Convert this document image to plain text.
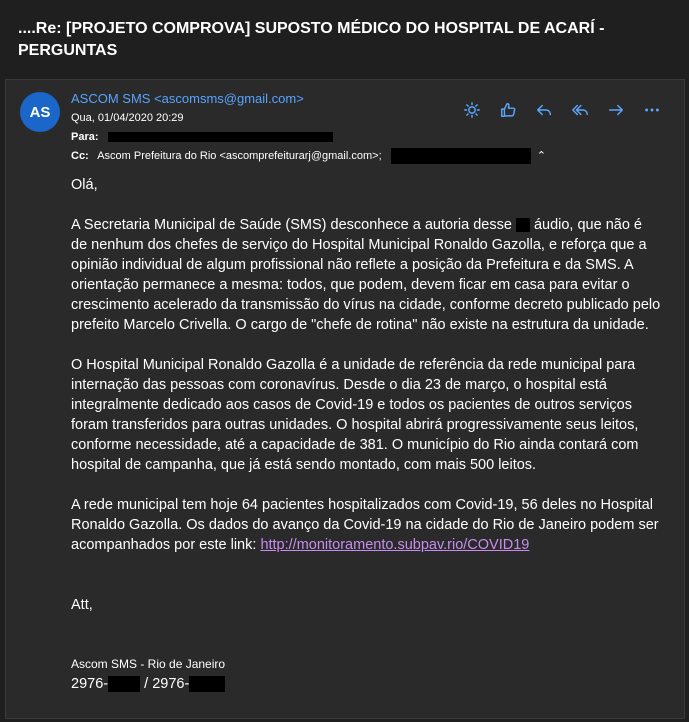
....Re: [PROJETO COMPROVA] SUPOSTO MÉDICO DO HOSPITAL DE ACARÍ - PERGUNTAS
AS
ASCOM SMS <ascomsms@gmail.com>
Qua, 01/04/2020 20:29
Para:
Cc: Ascom Prefeitura do Rio <ascomprefeiturarj@gmail.com>;	⌃

Olá,

A Secretaria Municipal de Saúde (SMS) desconhece a autoria desse áudio, que não é de nenhum dos chefes de serviço do Hospital Municipal Ronaldo Gazolla, e reforça que a opinião individual de algum profissional não reflete a posição da Prefeitura e da SMS. A orientação permanece a mesma: todos, que podem, devem ficar em casa para evitar o crescimento acelerado da transmissão do vírus na cidade, conforme decreto publicado pelo prefeito Marcelo Crivella. O cargo de "chefe de rotina" não existe na estrutura da unidade.

O Hospital Municipal Ronaldo Gazolla é a unidade de referência da rede municipal para internação das pessoas com coronavírus. Desde o dia 23 de março, o hospital está integralmente dedicado aos casos de Covid-19 e todos os pacientes de outros serviços foram transferidos para outras unidades. O hospital abrirá progressivamente seus leitos, conforme necessidade, até a capacidade de 381. O município do Rio ainda contará com hospital de campanha, que já está sendo montado, com mais 500 leitos.

A rede municipal tem hoje 64 pacientes hospitalizados com Covid-19, 56 deles no Hospital Ronaldo Gazolla. Os dados do avanço da Covid-19 na cidade do Rio de Janeiro podem ser acompanhados por este link: http://monitoramento.subpav.rio/COVID19

Att,

Ascom SMS - Rio de Janeiro
2976- / 2976-
